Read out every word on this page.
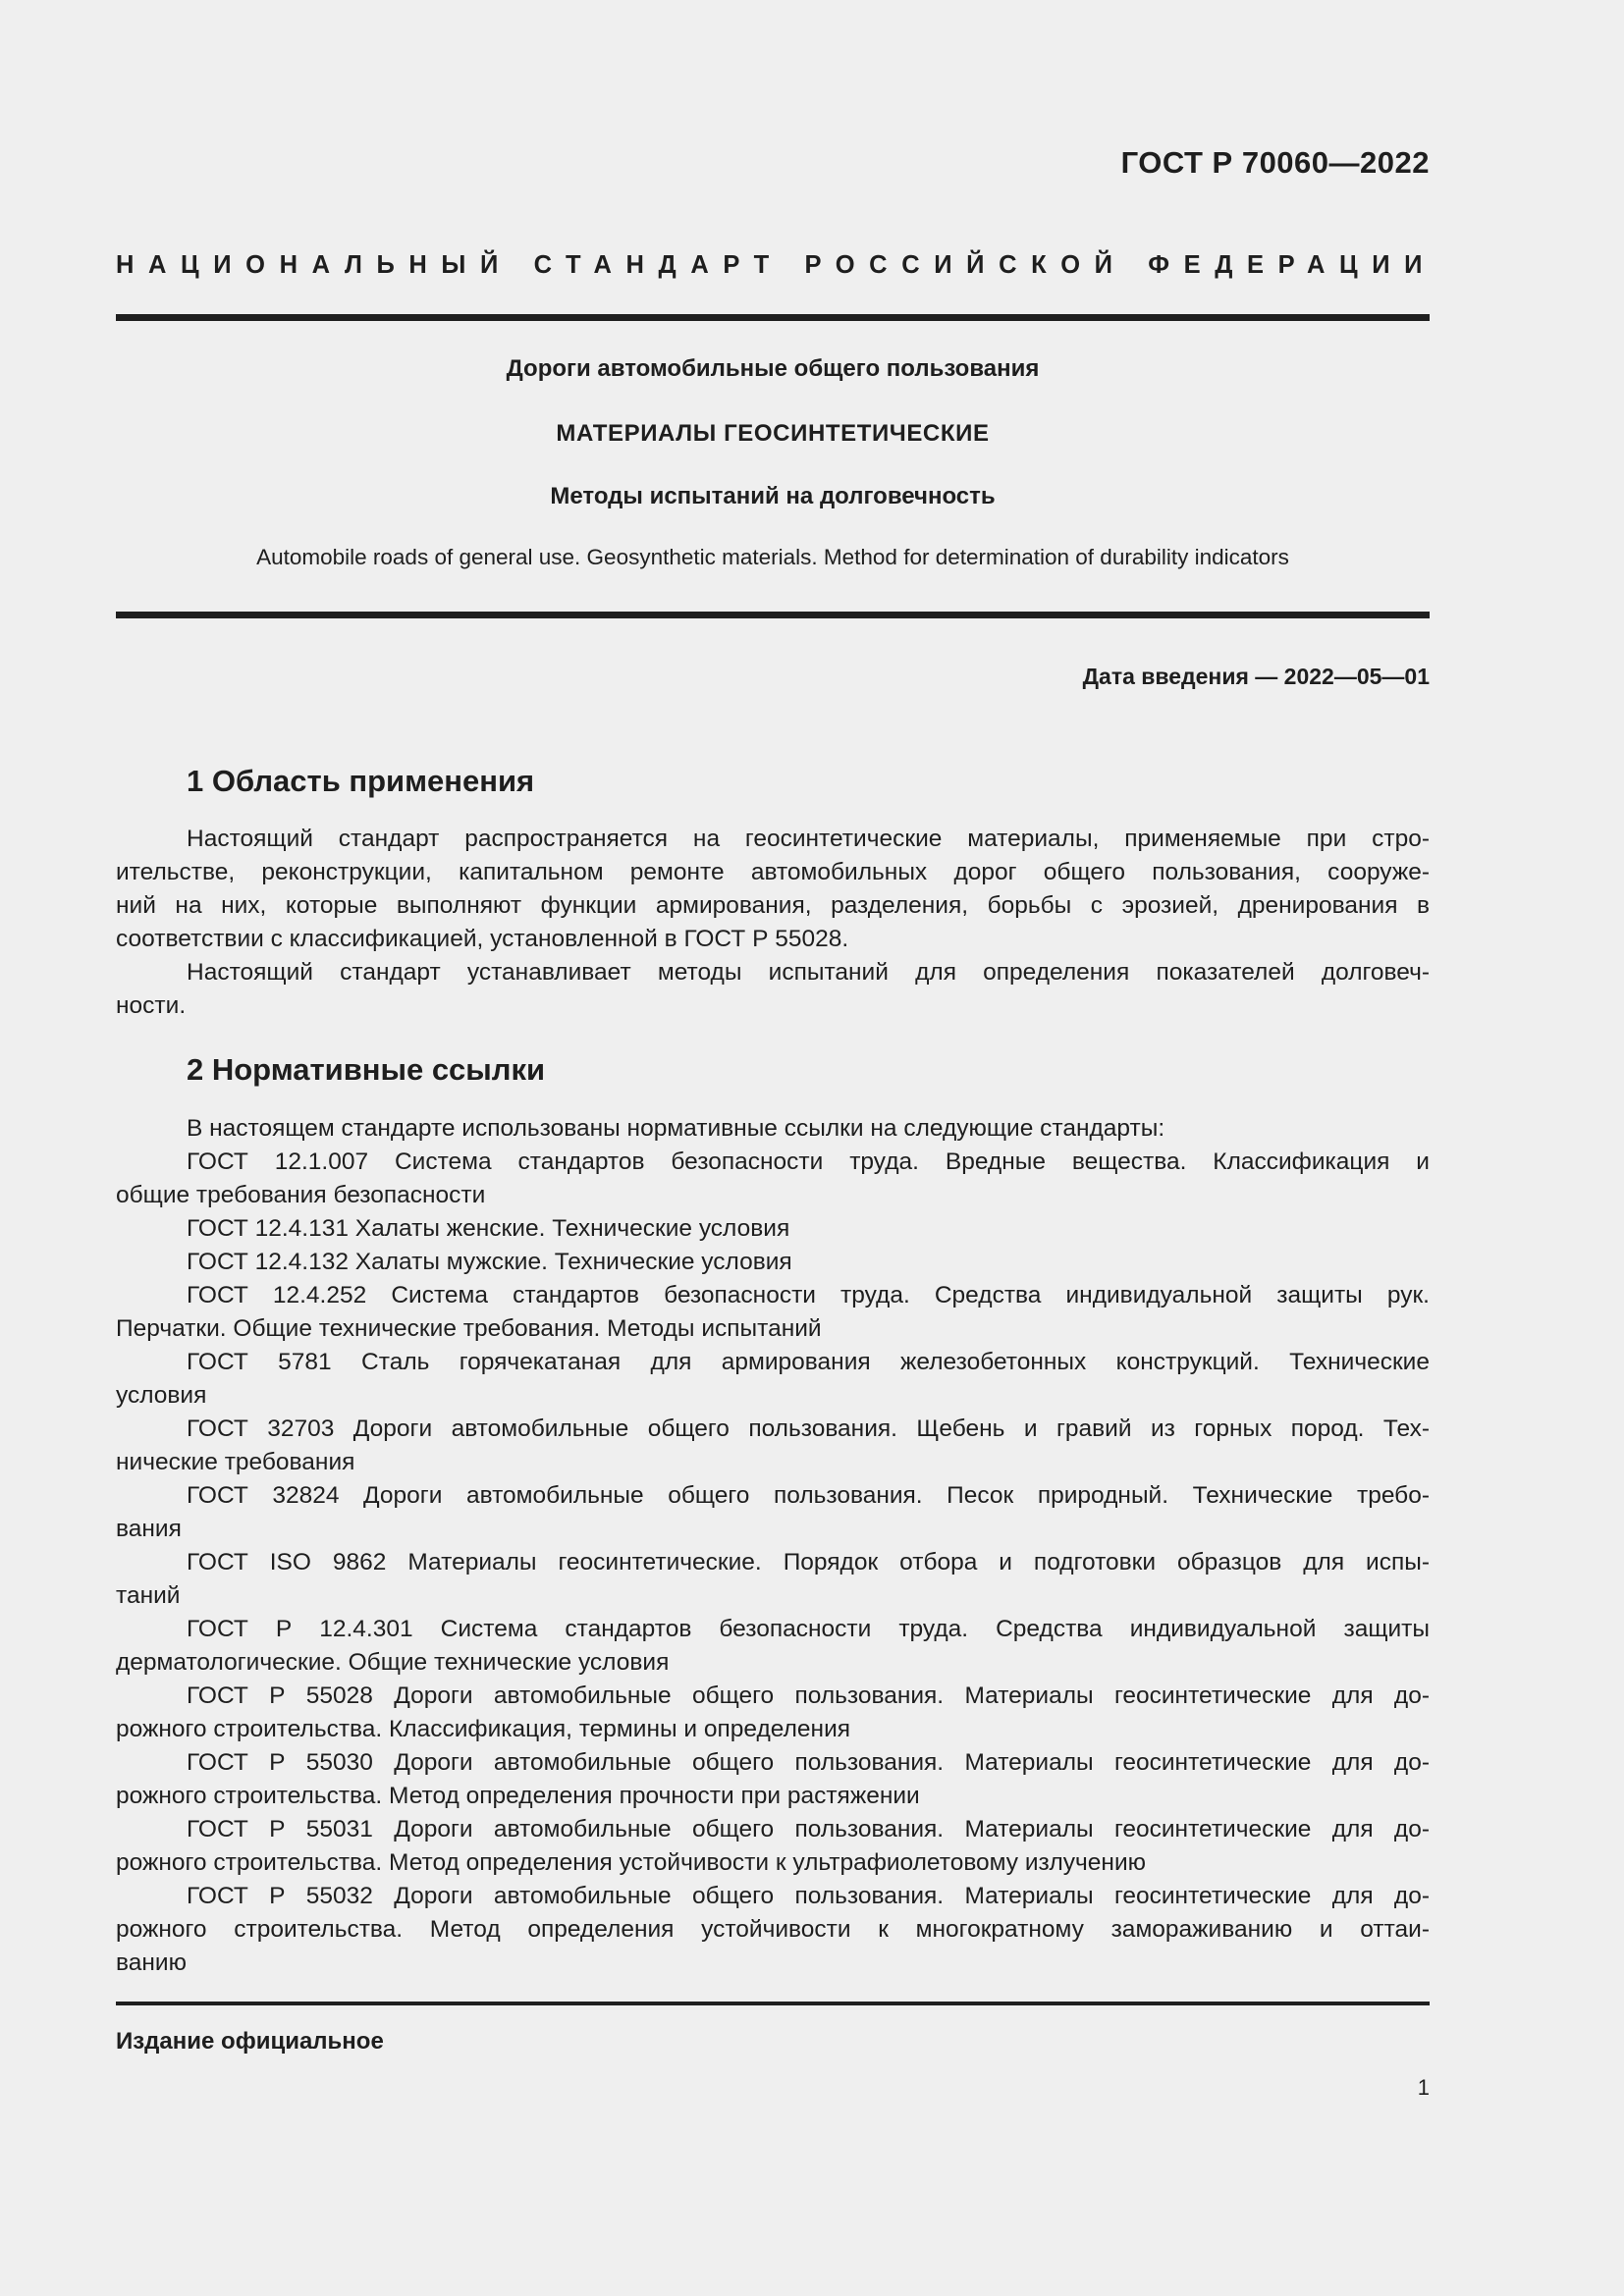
ГОСТ Р 70060—2022
НАЦИОНАЛЬНЫЙ СТАНДАРТ РОССИЙСКОЙ ФЕДЕРАЦИИ
Дороги автомобильные общего пользования
МАТЕРИАЛЫ ГЕОСИНТЕТИЧЕСКИЕ
Методы испытаний на долговечность
Automobile roads of general use. Geosynthetic materials. Method for determination of durability indicators
Дата введения — 2022—05—01
1 Область применения
Настоящий стандарт распространяется на геосинтетические материалы, применяемые при стро-
ительстве, реконструкции, капитальном ремонте автомобильных дорог общего пользования, сооруже-
ний на них, которые выполняют функции армирования, разделения, борьбы с эрозией, дренирования в
соответствии с классификацией, установленной в ГОСТ Р 55028.
Настоящий стандарт устанавливает методы испытаний для определения показателей долговеч-
ности.
2 Нормативные ссылки
В настоящем стандарте использованы нормативные ссылки на следующие стандарты:
ГОСТ 12.1.007 Система стандартов безопасности труда. Вредные вещества. Классификация и
общие требования безопасности
ГОСТ 12.4.131 Халаты женские. Технические условия
ГОСТ 12.4.132 Халаты мужские. Технические условия
ГОСТ 12.4.252 Система стандартов безопасности труда. Средства индивидуальной защиты рук.
Перчатки. Общие технические требования. Методы испытаний
ГОСТ 5781 Сталь горячекатаная для армирования железобетонных конструкций. Технические
условия
ГОСТ 32703 Дороги автомобильные общего пользования. Щебень и гравий из горных пород. Тех-
нические требования
ГОСТ 32824 Дороги автомобильные общего пользования. Песок природный. Технические требо-
вания
ГОСТ ISO 9862 Материалы геосинтетические. Порядок отбора и подготовки образцов для испы-
таний
ГОСТ Р 12.4.301 Система стандартов безопасности труда. Средства индивидуальной защиты
дерматологические. Общие технические условия
ГОСТ Р 55028 Дороги автомобильные общего пользования. Материалы геосинтетические для до-
рожного строительства. Классификация, термины и определения
ГОСТ Р 55030 Дороги автомобильные общего пользования. Материалы геосинтетические для до-
рожного строительства. Метод определения прочности при растяжении
ГОСТ Р 55031 Дороги автомобильные общего пользования. Материалы геосинтетические для до-
рожного строительства. Метод определения устойчивости к ультрафиолетовому излучению
ГОСТ Р 55032 Дороги автомобильные общего пользования. Материалы геосинтетические для до-
рожного строительства. Метод определения устойчивости к многократному замораживанию и оттаи-
ванию
Издание официальное
1
